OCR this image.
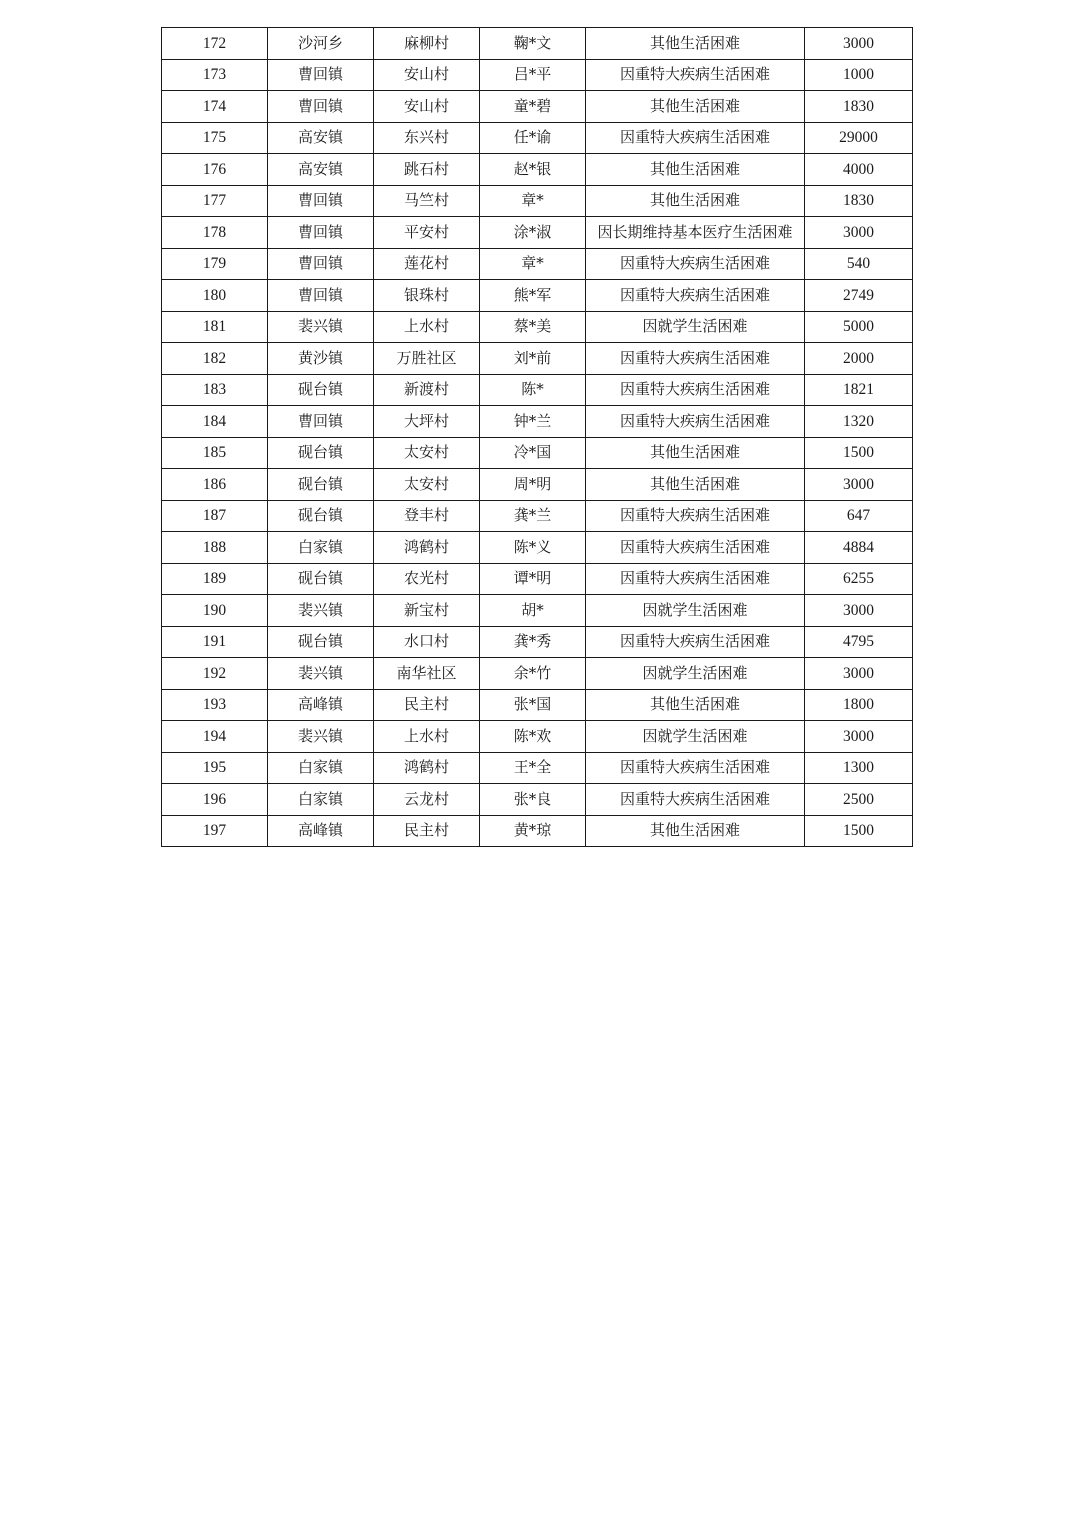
172	沙河乡	麻柳村	鞠*文	其他生活困难	3000
173	曹回镇	安山村	吕*平	因重特大疾病生活困难	1000
174	曹回镇	安山村	童*碧	其他生活困难	1830
175	高安镇	东兴村	任*谕	因重特大疾病生活困难	29000
176	高安镇	跳石村	赵*银	其他生活困难	4000
177	曹回镇	马竺村	章*	其他生活困难	1830
178	曹回镇	平安村	涂*淑	因长期维持基本医疗生活困难	3000
179	曹回镇	莲花村	章*	因重特大疾病生活困难	540
180	曹回镇	银珠村	熊*军	因重特大疾病生活困难	2749
181	裴兴镇	上水村	蔡*美	因就学生活困难	5000
182	黄沙镇	万胜社区	刘*前	因重特大疾病生活困难	2000
183	砚台镇	新渡村	陈*	因重特大疾病生活困难	1821
184	曹回镇	大坪村	钟*兰	因重特大疾病生活困难	1320
185	砚台镇	太安村	冷*国	其他生活困难	1500
186	砚台镇	太安村	周*明	其他生活困难	3000
187	砚台镇	登丰村	龚*兰	因重特大疾病生活困难	647
188	白家镇	鸿鹤村	陈*义	因重特大疾病生活困难	4884
189	砚台镇	农光村	谭*明	因重特大疾病生活困难	6255
190	裴兴镇	新宝村	胡*	因就学生活困难	3000
191	砚台镇	水口村	龚*秀	因重特大疾病生活困难	4795
192	裴兴镇	南华社区	余*竹	因就学生活困难	3000
193	高峰镇	民主村	张*国	其他生活困难	1800
194	裴兴镇	上水村	陈*欢	因就学生活困难	3000
195	白家镇	鸿鹤村	王*全	因重特大疾病生活困难	1300
196	白家镇	云龙村	张*良	因重特大疾病生活困难	2500
197	高峰镇	民主村	黄*琼	其他生活困难	1500
